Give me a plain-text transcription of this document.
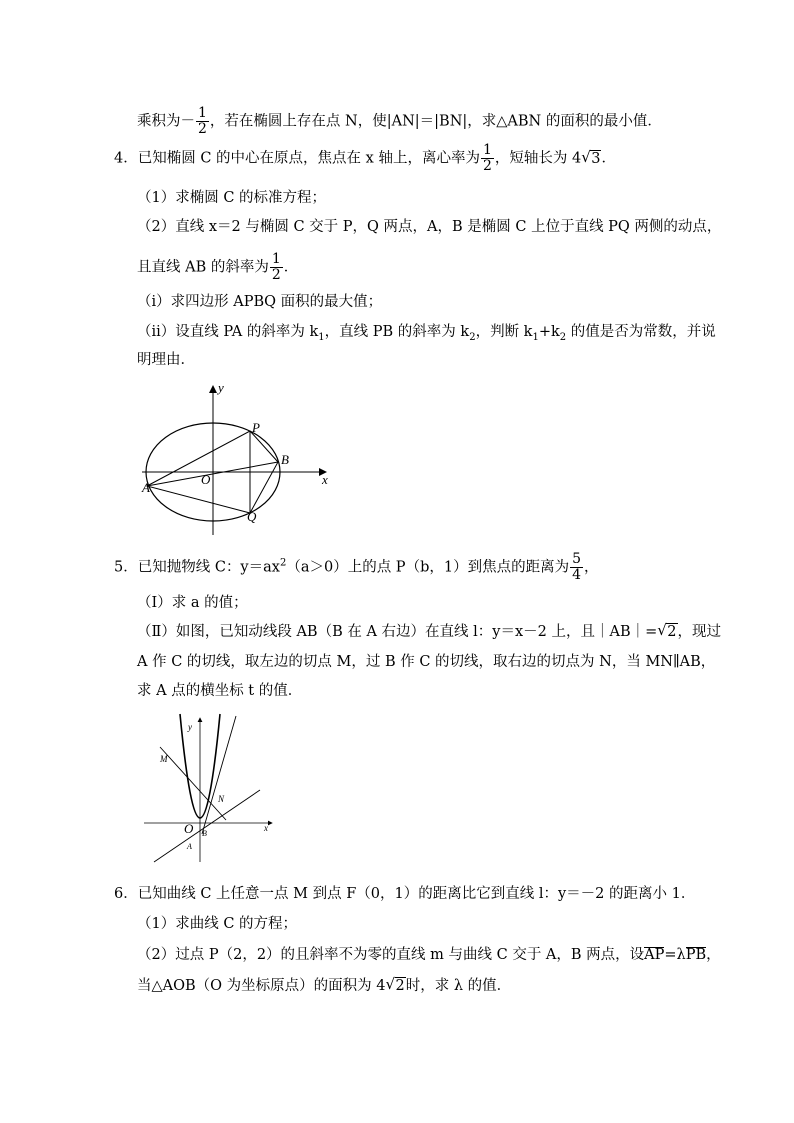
乘积为－ $\frac{1}{2}$ ，若在椭圆上存在点 N，使|AN|＝|BN|，求△ABN 的面积的最小值．
4．已知椭圆 C 的中心在原点，焦点在 x 轴上，离心率为 $\frac{1}{2}$ ，短轴长为 4 √ 3．
（1）求椭圆 C 的标准方程；
（2）直线 x＝2 与椭圆 C 交于 P，Q 两点，A，B 是椭圆 C 上位于直线 PQ 两侧的动点，
且直线 AB 的斜率为 $\frac{1}{2}$ ．
（i）求四边形 APBQ 面积的最大值；
（ii）设直线 PA 的斜率为 $k_1$，直线 PB 的斜率为 $k_2$，判断 $k_1+k_2$ 的值是否为常数，并说
明理由．
y
x
O
P
Q
A
B
5．已知抛物线 C：$y=ax^2(a>0)$上的点 P（b，1）到焦点的距离为 $\frac{5}{4}$ ，
（Ⅰ）求 a 的值；
（Ⅱ）如图，已知动线段 AB（B 在 A 右边）在直线 l：y＝x－2 上，且｜AB｜= √ 2，现过
A 作 C 的切线，取左边的切点 M，过 B 作 C 的切线，取右边的切点为 N，当 MN∥AB，
求 A 点的横坐标 t 的值．
y
x
O
M
N
A
B
6．已知曲线 C 上任意一点 M 到点 F（0，1）的距离比它到直线 l：y＝－2 的距离小 1．
（1）求曲线 C 的方程；
（2）过点 P（2，2）的且斜率不为零的直线 m 与曲线 C 交于 A，B 两点，设AP=λPB，
当△AOB（O 为坐标原点）的面积为 4 √ 2时，求 λ 的值．
